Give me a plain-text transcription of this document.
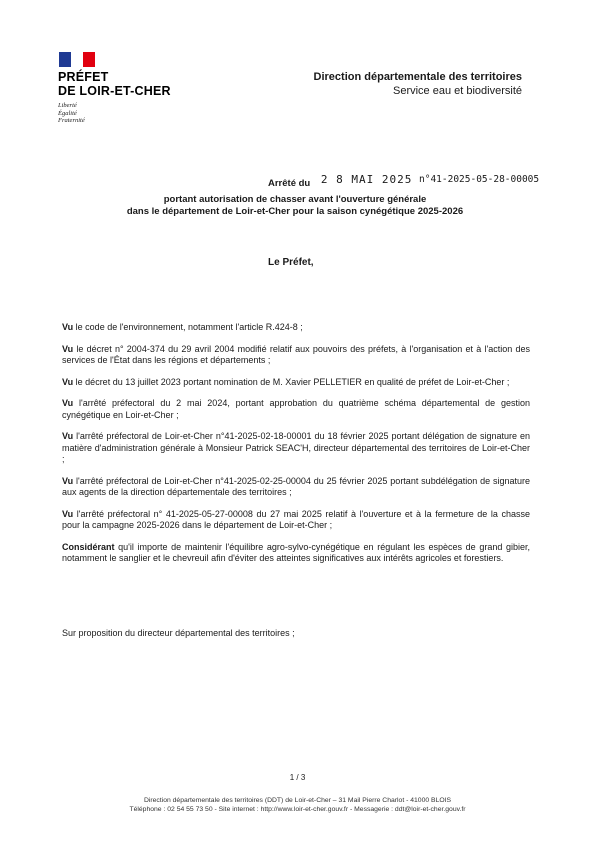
PRÉFET
DE LOIR-ET-CHER
Liberté
Égalité
Fraternité
Direction départementale des territoires
Service eau et biodiversité
Arrêté du 2 8 MAI 2025 n°41-2025-05-28-00005
portant autorisation de chasser avant l'ouverture générale
dans le département de Loir-et-Cher pour la saison cynégétique 2025-2026
Le Préfet,

Vu le code de l'environnement, notamment l'article R.424-8 ;

Vu le décret n° 2004-374 du 29 avril 2004 modifié relatif aux pouvoirs des préfets, à l'organisation et à l'action des services de l'État dans les régions et départements ;

Vu le décret du 13 juillet 2023 portant nomination de M. Xavier PELLETIER en qualité de préfet de Loir-et-Cher ;

Vu l'arrêté préfectoral du 2 mai 2024, portant approbation du quatrième schéma départemental de gestion cynégétique en Loir-et-Cher ;

Vu l'arrêté préfectoral de Loir-et-Cher n°41-2025-02-18-00001 du 18 février 2025 portant délégation de signature en matière d'administration générale à Monsieur Patrick SEAC'H, directeur départemental des territoires de Loir-et-Cher ;

Vu l'arrêté préfectoral de Loir-et-Cher n°41-2025-02-25-00004 du 25 février 2025 portant subdélégation de signature aux agents de la direction départementale des territoires ;

Vu l'arrêté préfectoral n° 41-2025-05-27-00008 du 27 mai 2025 relatif à l'ouverture et à la fermeture de la chasse pour la campagne 2025-2026 dans le département de Loir-et-Cher ;

Considérant qu'il importe de maintenir l'équilibre agro-sylvo-cynégétique en régulant les espèces de grand gibier, notamment le sanglier et le chevreuil afin d'éviter des atteintes significatives aux intérêts agricoles et forestiers.

Sur proposition du directeur départemental des territoires ;
1 / 3
Direction départementale des territoires (DDT) de Loir-et-Cher – 31 Mail Pierre Charlot - 41000 BLOIS
Téléphone : 02 54 55 73 50 - Site internet : http://www.loir-et-cher.gouv.fr - Messagerie : ddt@loir-et-cher.gouv.fr
